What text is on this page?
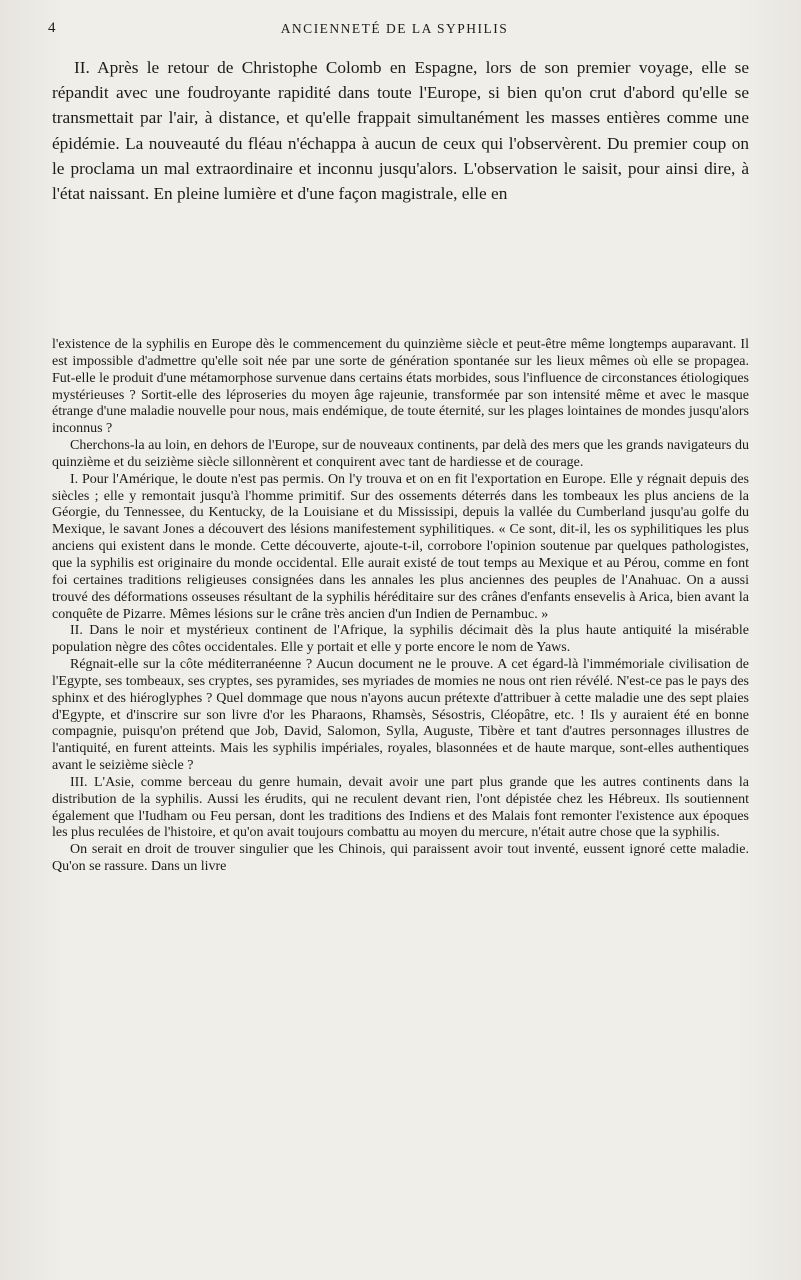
4	ANCIENNETÉ DE LA SYPHILIS

II. Après le retour de Christophe Colomb en Espagne, lors de son premier voyage, elle se répandit avec une foudroyante rapidité dans toute l'Europe, si bien qu'on crut d'abord qu'elle se transmettait par l'air, à distance, et qu'elle frappait simultanément les masses entières comme une épidémie. La nouveauté du fléau n'échappa à aucun de ceux qui l'observèrent. Du premier coup on le proclama un mal extraordinaire et inconnu jusqu'alors. L'observation le saisit, pour ainsi dire, à l'état naissant. En pleine lumière et d'une façon magistrale, elle en

l'existence de la syphilis en Europe dès le commencement du quinzième siècle et peut-être même longtemps auparavant. Il est impossible d'admettre qu'elle soit née par une sorte de génération spontanée sur les lieux mêmes où elle se propagea. Fut-elle le produit d'une métamorphose survenue dans certains états morbides, sous l'influence de circonstances étiologiques mystérieuses ? Sortit-elle des léproseries du moyen âge rajeunie, transformée par son intensité même et avec le masque étrange d'une maladie nouvelle pour nous, mais endémique, de toute éternité, sur les plages lointaines de mondes jusqu'alors inconnus ?

Cherchons-la au loin, en dehors de l'Europe, sur de nouveaux continents, par delà des mers que les grands navigateurs du quinzième et du seizième siècle sillonnèrent et conquirent avec tant de hardiesse et de courage.

I. Pour l'Amérique, le doute n'est pas permis. On l'y trouva et on en fit l'exportation en Europe. Elle y régnait depuis des siècles ; elle y remontait jusqu'à l'homme primitif. Sur des ossements déterrés dans les tombeaux les plus anciens de la Géorgie, du Tennessee, du Kentucky, de la Louisiane et du Mississipi, depuis la vallée du Cumberland jusqu'au golfe du Mexique, le savant Jones a découvert des lésions manifestement syphilitiques. « Ce sont, dit-il, les os syphilitiques les plus anciens qui existent dans le monde. Cette découverte, ajoute-t-il, corrobore l'opinion soutenue par quelques pathologistes, que la syphilis est originaire du monde occidental. Elle aurait existé de tout temps au Mexique et au Pérou, comme en font foi certaines traditions religieuses consignées dans les annales les plus anciennes des peuples de l'Anahuac. On a aussi trouvé des déformations osseuses résultant de la syphilis héréditaire sur des crânes d'enfants ensevelis à Arica, bien avant la conquête de Pizarre. Mêmes lésions sur le crâne très ancien d'un Indien de Pernambuc. »

II. Dans le noir et mystérieux continent de l'Afrique, la syphilis décimait dès la plus haute antiquité la misérable population nègre des côtes occidentales. Elle y portait et elle y porte encore le nom de Yaws.

Régnait-elle sur la côte méditerranéenne ? Aucun document ne le prouve. A cet égard-là l'immémoriale civilisation de l'Egypte, ses tombeaux, ses cryptes, ses pyramides, ses myriades de momies ne nous ont rien révélé. N'est-ce pas le pays des sphinx et des hiéroglyphes ? Quel dommage que nous n'ayons aucun prétexte d'attribuer à cette maladie une des sept plaies d'Egypte, et d'inscrire sur son livre d'or les Pharaons, Rhamsès, Sésostris, Cléopâtre, etc. ! Ils y auraient été en bonne compagnie, puisqu'on prétend que Job, David, Salomon, Sylla, Auguste, Tibère et tant d'autres personnages illustres de l'antiquité, en furent atteints. Mais les syphilis impériales, royales, blasonnées et de haute marque, sont-elles authentiques avant le seizième siècle ?

III. L'Asie, comme berceau du genre humain, devait avoir une part plus grande que les autres continents dans la distribution de la syphilis. Aussi les érudits, qui ne reculent devant rien, l'ont dépistée chez les Hébreux. Ils soutiennent également que l'Iudham ou Feu persan, dont les traditions des Indiens et des Malais font remonter l'existence aux époques les plus reculées de l'histoire, et qu'on avait toujours combattu au moyen du mercure, n'était autre chose que la syphilis.

On serait en droit de trouver singulier que les Chinois, qui paraissent avoir tout inventé, eussent ignoré cette maladie. Qu'on se rassure. Dans un livre
